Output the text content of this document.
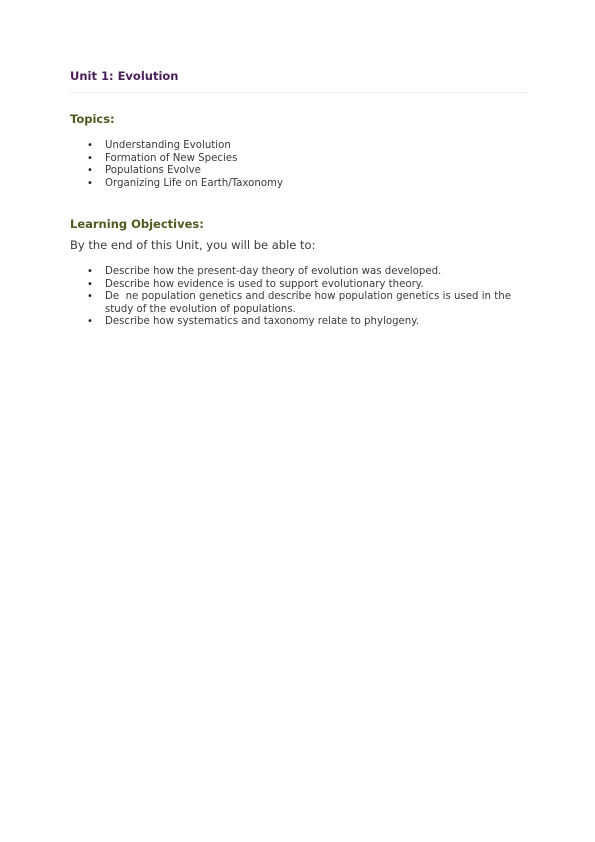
Unit 1: Evolution
Topics:
• Understanding Evolution
• Formation of New Species
• Populations Evolve
• Organizing Life on Earth/Taxonomy
Learning Objectives:

By the end of this Unit, you will be able to:

• Describe how the present-day theory of evolution was developed.
• Describe how evidence is used to support evolutionary theory.
• De  ne population genetics and describe how population genetics is used in the study of the evolution of populations.
• Describe how systematics and taxonomy relate to phylogeny.
